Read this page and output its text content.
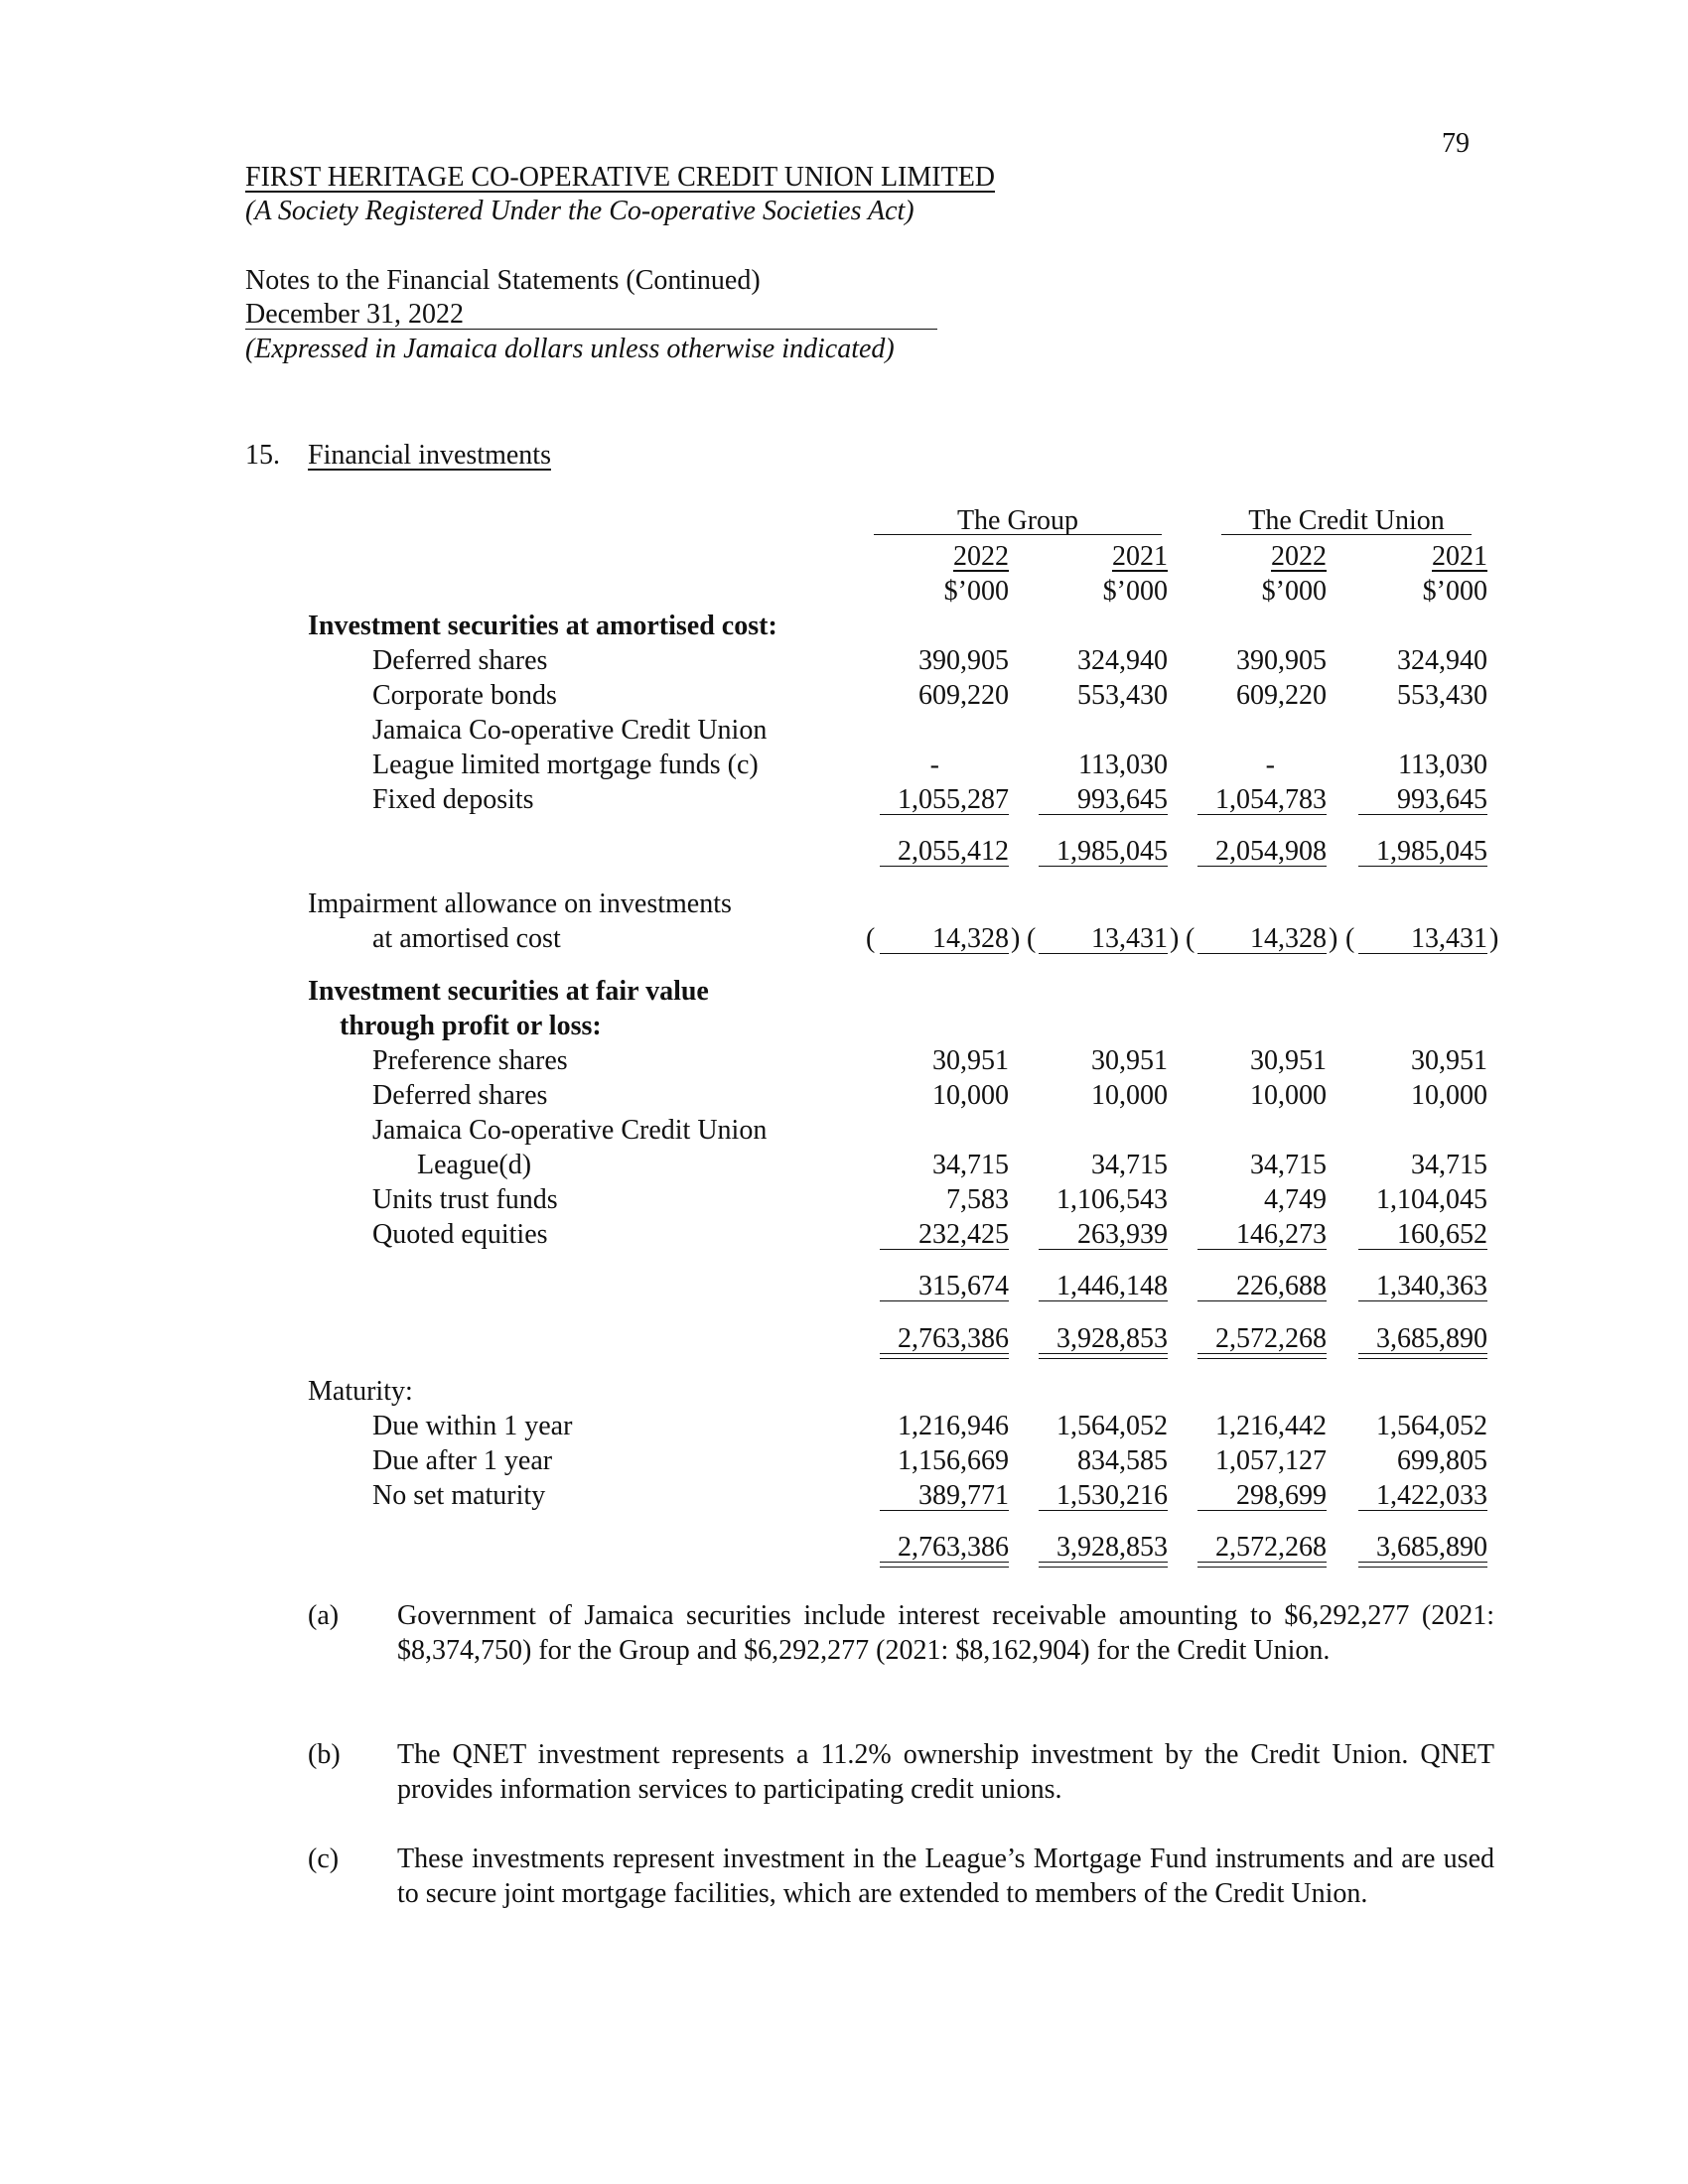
79
FIRST HERITAGE CO-OPERATIVE CREDIT UNION LIMITED
(A Society Registered Under the Co-operative Societies Act)
Notes to the Financial Statements (Continued)
December 31, 2022
(Expressed in Jamaica dollars unless otherwise indicated)
15. Financial investments
The Group	The Credit Union
2022	2021	2022	2021
$’000	$’000	$’000	$’000
Investment securities at amortised cost:
Deferred shares	390,905	324,940	390,905	324,940
Corporate bonds	609,220	553,430	609,220	553,430
Jamaica Co-operative Credit Union
League limited mortgage funds (c)	-	113,030	-	113,030
Fixed deposits	1,055,287	993,645	1,054,783	993,645
2,055,412	1,985,045	2,054,908	1,985,045
Impairment allowance on investments
at amortised cost	(	14,328 ) (	13,431 ) (	14,328 ) (	13,431 )
Investment securities at fair value
through profit or loss:
Preference shares	30,951	30,951	30,951	30,951
Deferred shares	10,000	10,000	10,000	10,000
Jamaica Co-operative Credit Union
League(d)	34,715	34,715	34,715	34,715
Units trust funds	7,583	1,106,543	4,749	1,104,045
Quoted equities	232,425	263,939	146,273	160,652
315,674	1,446,148	226,688	1,340,363
2,763,386	3,928,853	2,572,268	3,685,890
Maturity:
Due within 1 year	1,216,946	1,564,052	1,216,442	1,564,052
Due after 1 year	1,156,669	834,585	1,057,127	699,805
No set maturity	389,771	1,530,216	298,699	1,422,033
2,763,386	3,928,853	2,572,268	3,685,890
(a) Government of Jamaica securities include interest receivable amounting to $6,292,277 (2021: $8,374,750) for the Group and $6,292,277 (2021: $8,162,904) for the Credit Union.
(b) The QNET investment represents a 11.2% ownership investment by the Credit Union. QNET provides information services to participating credit unions.
(c) These investments represent investment in the League’s Mortgage Fund instruments and are used to secure joint mortgage facilities, which are extended to members of the Credit Union.
